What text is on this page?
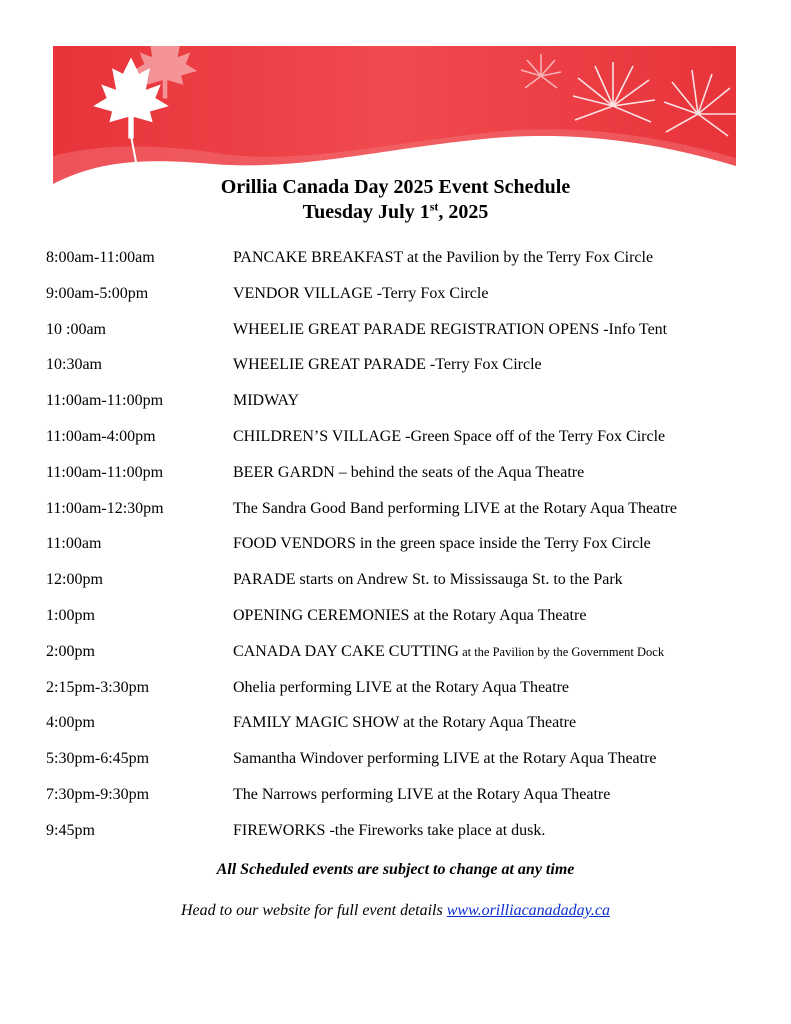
Orillia Canada Day 2025 Event Schedule
Tuesday July 1st, 2025
8:00am-11:00am	PANCAKE BREAKFAST at the Pavilion by the Terry Fox Circle
9:00am-5:00pm	VENDOR VILLAGE -Terry Fox Circle
10 :00am	WHEELIE GREAT PARADE REGISTRATION OPENS -Info Tent
10:30am	WHEELIE GREAT PARADE -Terry Fox Circle
11:00am-11:00pm	MIDWAY
11:00am-4:00pm	CHILDREN’S VILLAGE -Green Space off of the Terry Fox Circle
11:00am-11:00pm	BEER GARDN – behind the seats of the Aqua Theatre
11:00am-12:30pm	The Sandra Good Band performing LIVE at the Rotary Aqua Theatre
11:00am	FOOD VENDORS in the green space inside the Terry Fox Circle
12:00pm	PARADE starts on Andrew St. to Mississauga St. to the Park
1:00pm	OPENING CEREMONIES at the Rotary Aqua Theatre
2:00pm	CANADA DAY CAKE CUTTING at the Pavilion by the Government Dock
2:15pm-3:30pm	Ohelia performing LIVE at the Rotary Aqua Theatre
4:00pm	FAMILY MAGIC SHOW at the Rotary Aqua Theatre
5:30pm-6:45pm	Samantha Windover performing LIVE at the Rotary Aqua Theatre
7:30pm-9:30pm	The Narrows performing LIVE at the Rotary Aqua Theatre
9:45pm	FIREWORKS -the Fireworks take place at dusk.
All Scheduled events are subject to change at any time
Head to our website for full event details www.orilliacanadaday.ca
